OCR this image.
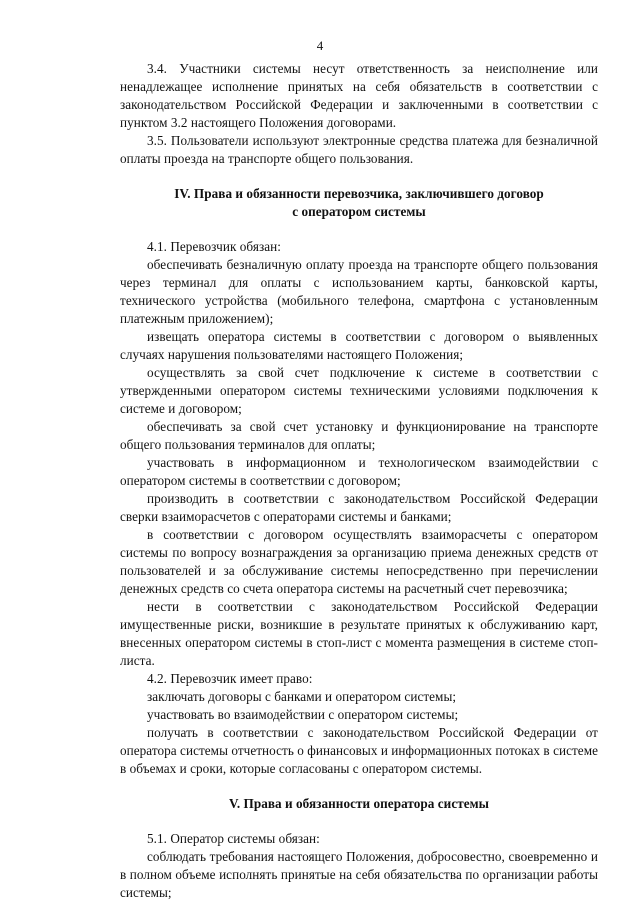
4

3.4. Участники системы несут ответственность за неисполнение или ненадлежащее исполнение принятых на себя обязательств в соответствии с законодательством Российской Федерации и заключенными в соответствии с пунктом 3.2 настоящего Положения договорами.

3.5. Пользователи используют электронные средства платежа для безналичной оплаты проезда на транспорте общего пользования.

IV. Права и обязанности перевозчика, заключившего договор
с оператором системы

4.1. Перевозчик обязан:

обеспечивать безналичную оплату проезда на транспорте общего пользования через терминал для оплаты с использованием карты, банковской карты, технического устройства (мобильного телефона, смартфона с установленным платежным приложением);

извещать оператора системы в соответствии с договором о выявленных случаях нарушения пользователями настоящего Положения;

осуществлять за свой счет подключение к системе в соответствии с утвержденными оператором системы техническими условиями подключения к системе и договором;

обеспечивать за свой счет установку и функционирование на транспорте общего пользования терминалов для оплаты;

участвовать в информационном и технологическом взаимодействии с оператором системы в соответствии с договором;

производить в соответствии с законодательством Российской Федерации сверки взаиморасчетов с операторами системы и банками;

в соответствии с договором осуществлять взаиморасчеты с оператором системы по вопросу вознаграждения за организацию приема денежных средств от пользователей и за обслуживание системы непосредственно при перечислении денежных средств со счета оператора системы на расчетный счет перевозчика;

нести в соответствии с законодательством Российской Федерации имущественные риски, возникшие в результате принятых к обслуживанию карт, внесенных оператором системы в стоп-лист с момента размещения в системе стоп-листа.

4.2. Перевозчик имеет право:

заключать договоры с банками и оператором системы;

участвовать во взаимодействии с оператором системы;

получать в соответствии с законодательством Российской Федерации от оператора системы отчетность о финансовых и информационных потоках в системе в объемах и сроки, которые согласованы с оператором системы.

V. Права и обязанности оператора системы

5.1. Оператор системы обязан:

соблюдать требования настоящего Положения, добросовестно, своевременно и в полном объеме исполнять принятые на себя обязательства по организации работы системы;
